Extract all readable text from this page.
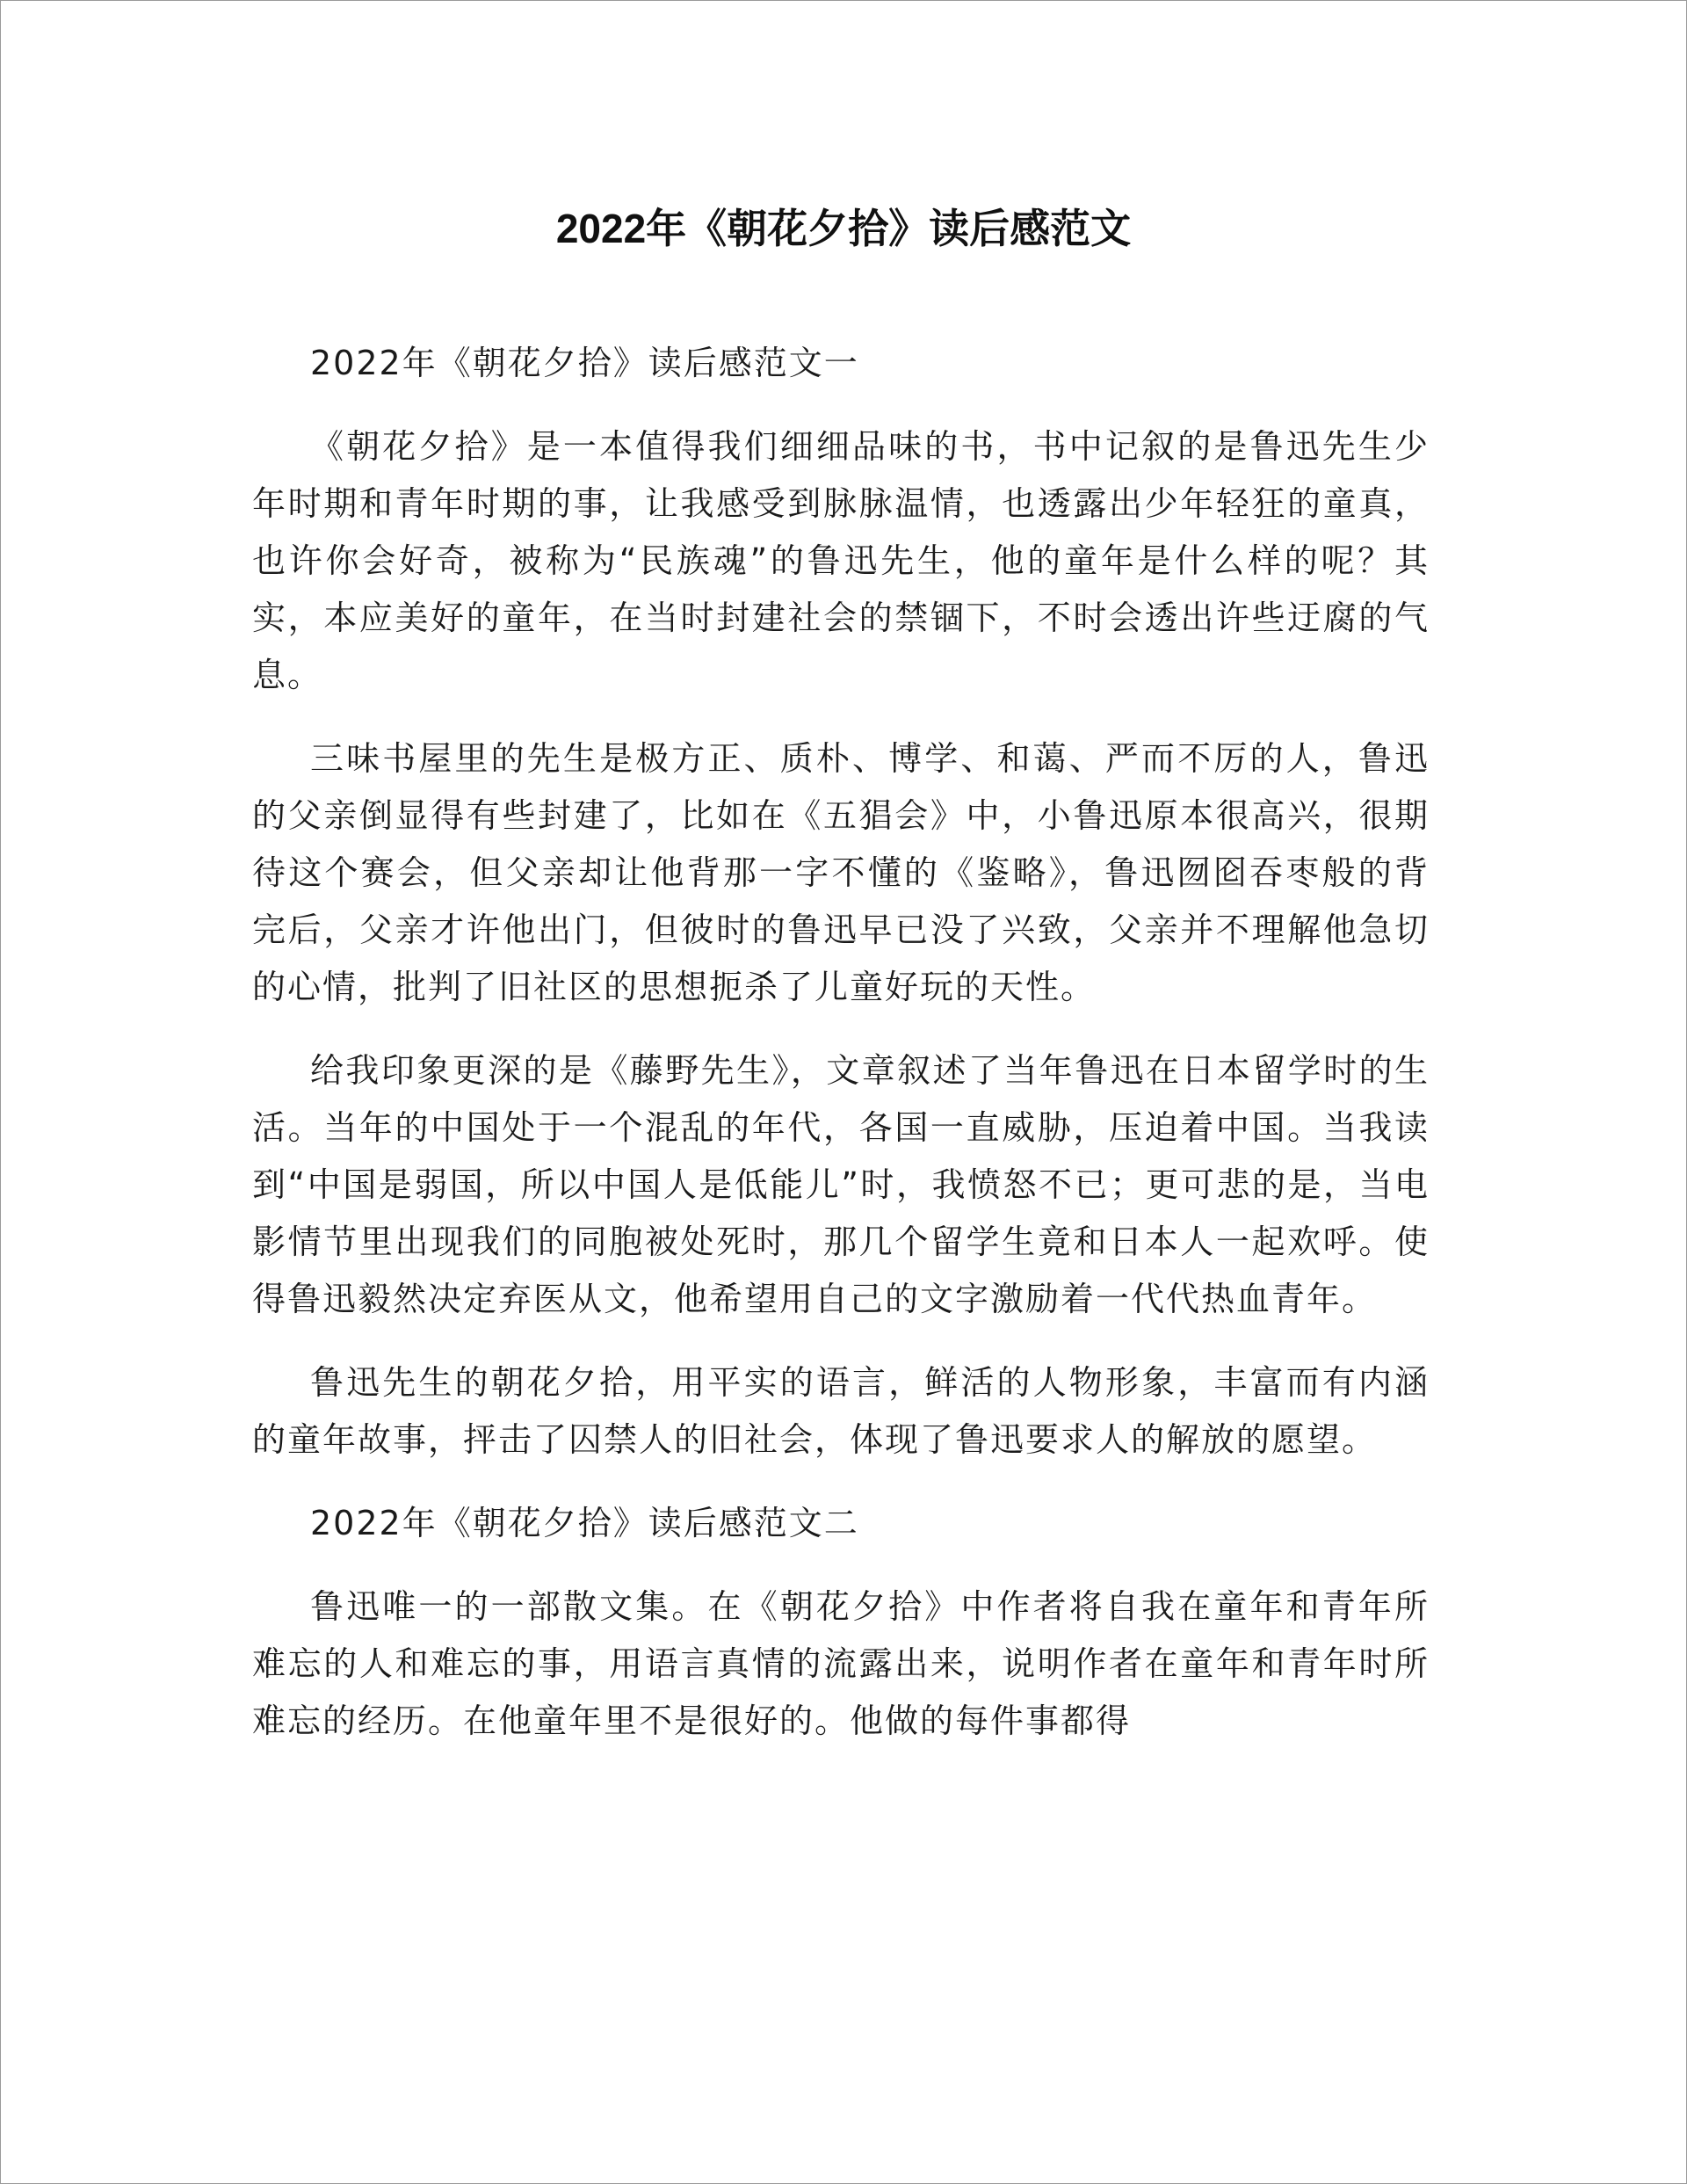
2022年《朝花夕拾》读后感范文

2022年《朝花夕拾》读后感范文一

《朝花夕拾》是一本值得我们细细品味的书，书中记叙的是鲁迅先生少年时期和青年时期的事，让我感受到脉脉温情，也透露出少年轻狂的童真，也许你会好奇，被称为“民族魂”的鲁迅先生，他的童年是什么样的呢？其实，本应美好的童年，在当时封建社会的禁锢下，不时会透出许些迂腐的气息。

三味书屋里的先生是极方正、质朴、博学、和蔼、严而不厉的人，鲁迅的父亲倒显得有些封建了，比如在《五猖会》中，小鲁迅原本很高兴，很期待这个赛会，但父亲却让他背那一字不懂的《鉴略》，鲁迅囫囵吞枣般的背完后，父亲才许他出门，但彼时的鲁迅早已没了兴致，父亲并不理解他急切的心情，批判了旧社区的思想扼杀了儿童好玩的天性。

给我印象更深的是《藤野先生》，文章叙述了当年鲁迅在日本留学时的生活。当年的中国处于一个混乱的年代，各国一直威胁，压迫着中国。当我读到“中国是弱国，所以中国人是低能儿”时，我愤怒不已；更可悲的是，当电影情节里出现我们的同胞被处死时，那几个留学生竟和日本人一起欢呼。使得鲁迅毅然决定弃医从文，他希望用自己的文字激励着一代代热血青年。

鲁迅先生的朝花夕拾，用平实的语言，鲜活的人物形象，丰富而有内涵的童年故事，抨击了囚禁人的旧社会，体现了鲁迅要求人的解放的愿望。

2022年《朝花夕拾》读后感范文二

鲁迅唯一的一部散文集。在《朝花夕拾》中作者将自我在童年和青年所难忘的人和难忘的事，用语言真情的流露出来，说明作者在童年和青年时所难忘的经历。在他童年里不是很好的。他做的每件事都得
